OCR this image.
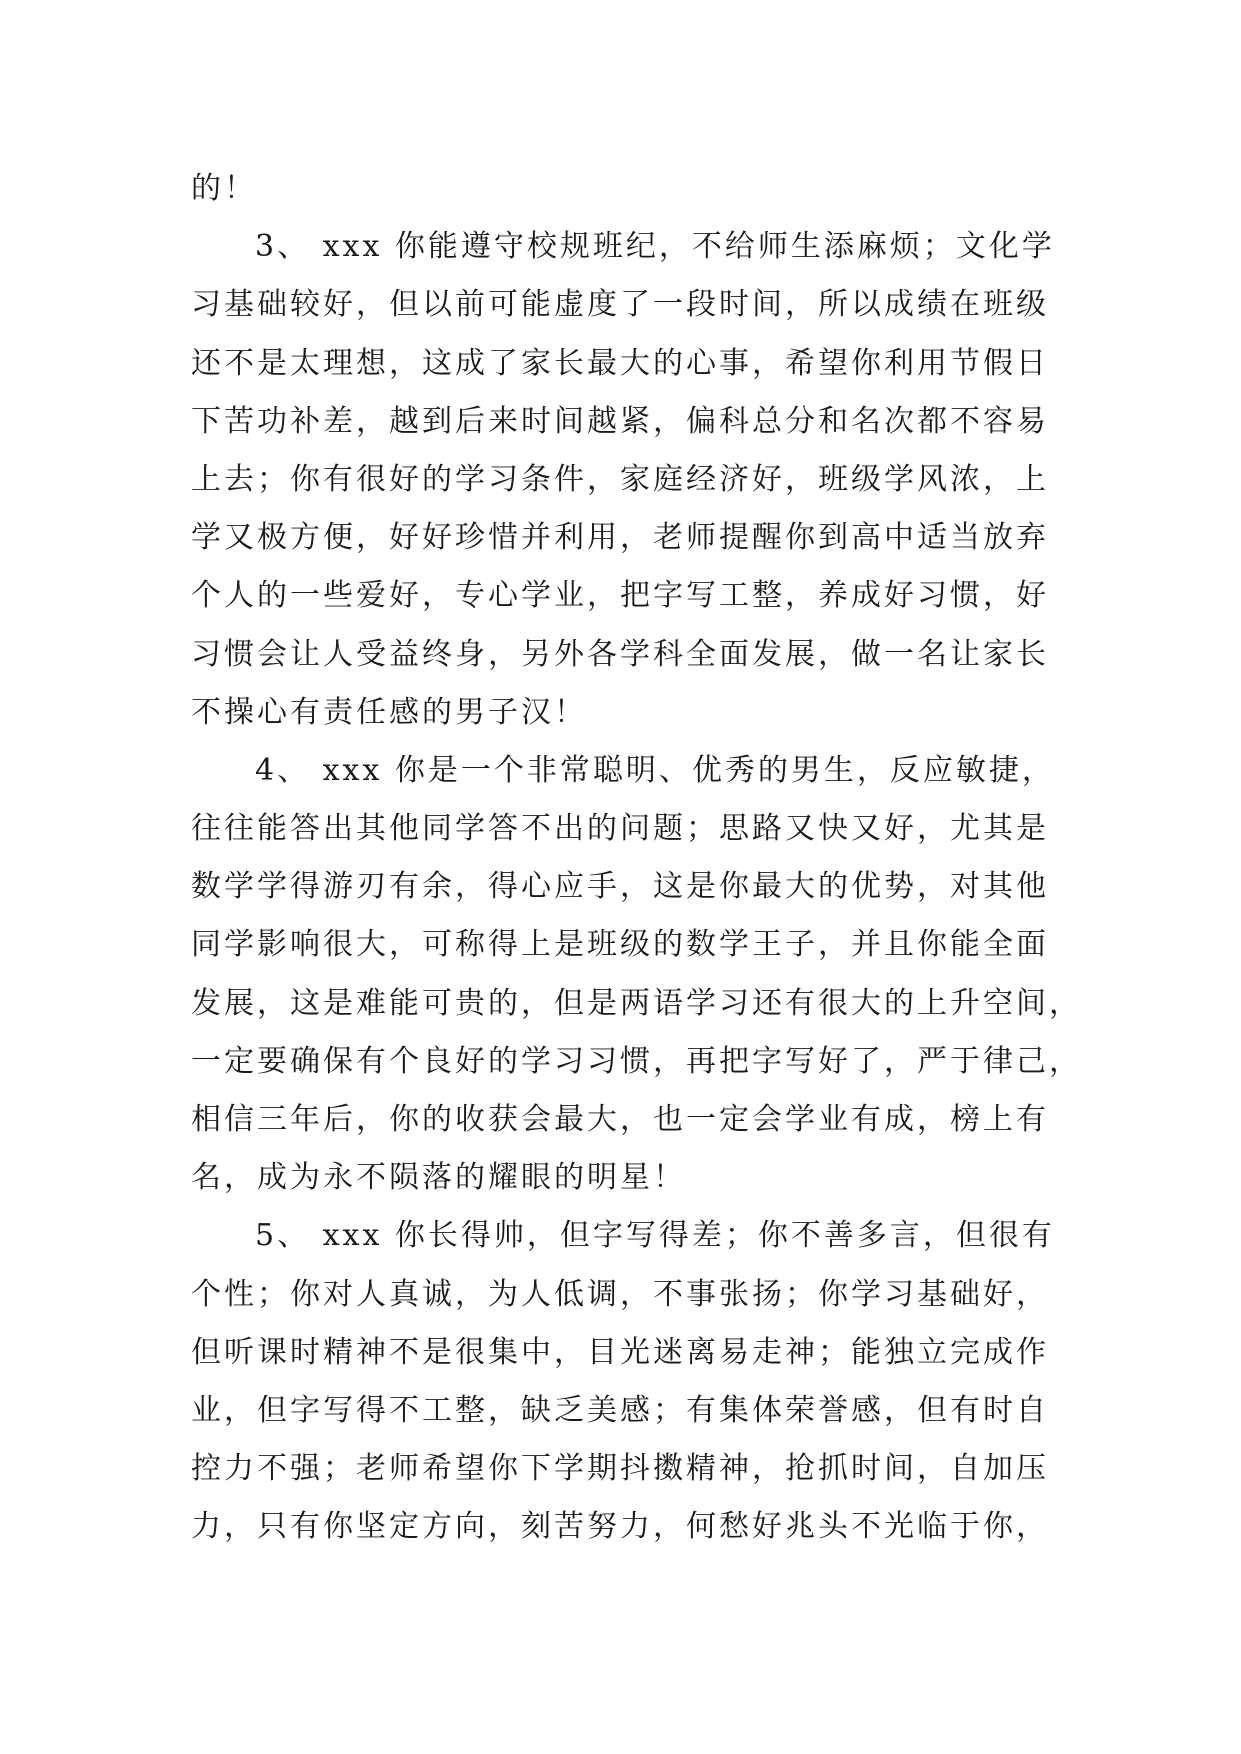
的！
3、 xxx 你能遵守校规班纪，不给师生添麻烦；文化学
习基础较好，但以前可能虚度了一段时间，所以成绩在班级
还不是太理想，这成了家长最大的心事，希望你利用节假日
下苦功补差，越到后来时间越紧，偏科总分和名次都不容易
上去；你有很好的学习条件，家庭经济好，班级学风浓，上
学又极方便，好好珍惜并利用，老师提醒你到高中适当放弃
个人的一些爱好，专心学业，把字写工整，养成好习惯，好
习惯会让人受益终身，另外各学科全面发展，做一名让家长
不操心有责任感的男子汉！
4、 xxx 你是一个非常聪明、优秀的男生，反应敏捷，
往往能答出其他同学答不出的问题；思路又快又好，尤其是
数学学得游刃有余，得心应手，这是你最大的优势，对其他
同学影响很大，可称得上是班级的数学王子，并且你能全面
发展，这是难能可贵的，但是两语学习还有很大的上升空间，
一定要确保有个良好的学习习惯，再把字写好了，严于律己，
相信三年后，你的收获会最大，也一定会学业有成，榜上有
名，成为永不陨落的耀眼的明星！
5、 xxx 你长得帅，但字写得差；你不善多言，但很有
个性；你对人真诚，为人低调，不事张扬；你学习基础好，
但听课时精神不是很集中，目光迷离易走神；能独立完成作
业，但字写得不工整，缺乏美感；有集体荣誉感，但有时自
控力不强；老师希望你下学期抖擞精神，抢抓时间，自加压
力，只有你坚定方向，刻苦努力，何愁好兆头不光临于你，
